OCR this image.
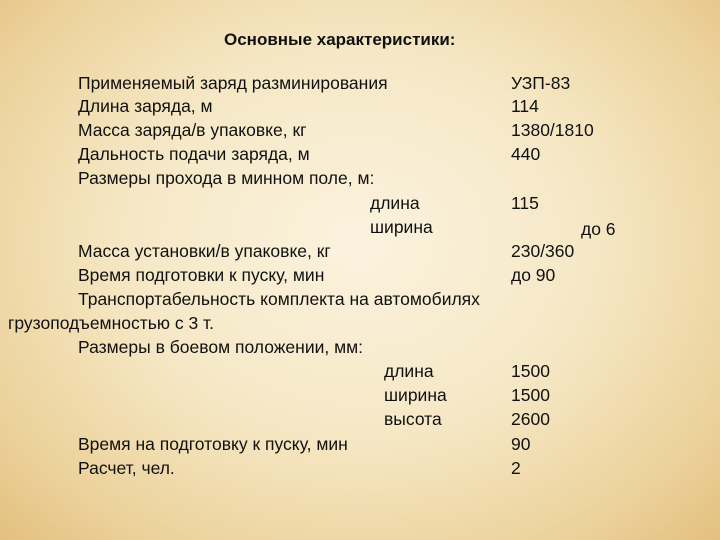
Основные характеристики:
Применяемый заряд разминирования	УЗП-83
Длина заряда, м	114
Масса заряда/в упаковке, кг	1380/1810
Дальность подачи заряда, м	440
Размеры прохода в минном поле, м:
длина	115
ширина	до 6
Масса установки/в упаковке, кг	230/360
Время подготовки к пуску, мин	до 90
Транспортабельность комплекта на автомобилях
грузоподъемностью с 3 т.
Размеры в боевом положении, мм:
длина	1500
ширина	1500
высота	2600
Время на подготовку к пуску, мин	90
Расчет, чел.	2
